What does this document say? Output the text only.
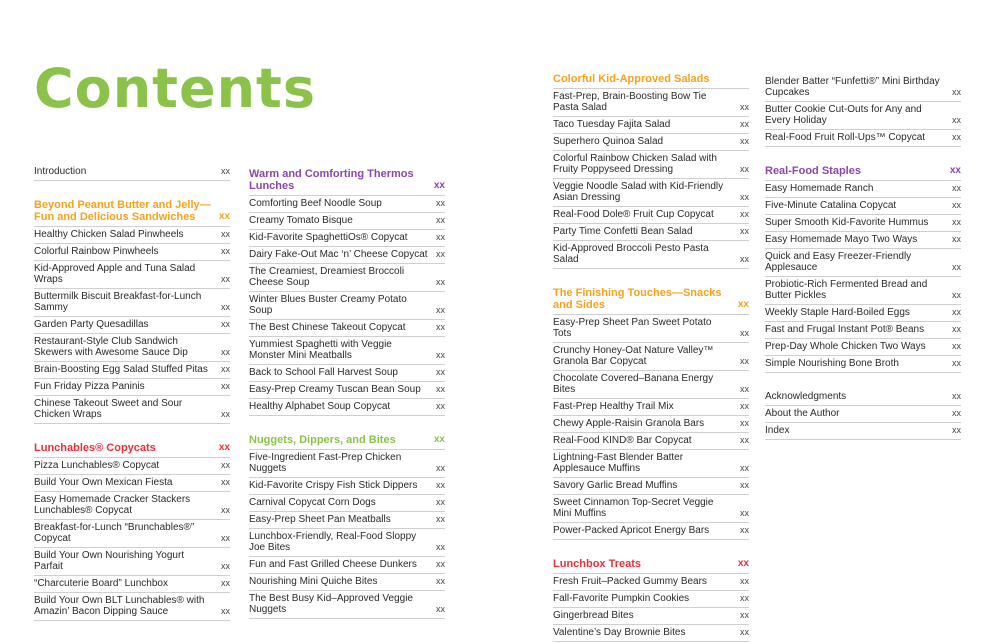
Contents
Introduction	xx
Beyond Peanut Butter and Jelly—Fun and Delicious Sandwiches	xx
Healthy Chicken Salad Pinwheels	xx
Colorful Rainbow Pinwheels	xx
Kid-Approved Apple and Tuna Salad Wraps	xx
Buttermilk Biscuit Breakfast-for-Lunch Sammy	xx
Garden Party Quesadillas	xx
Restaurant-Style Club Sandwich Skewers with Awesome Sauce Dip	xx
Brain-Boosting Egg Salad Stuffed Pitas	xx
Fun Friday Pizza Paninis	xx
Chinese Takeout Sweet and Sour Chicken Wraps	xx
Lunchables® Copycats	xx
Pizza Lunchables® Copycat	xx
Build Your Own Mexican Fiesta	xx
Easy Homemade Cracker Stackers Lunchables® Copycat	xx
Breakfast-for-Lunch “Brunchables®” Copycat	xx
Build Your Own Nourishing Yogurt Parfait	xx
“Charcuterie Board” Lunchbox	xx
Build Your Own BLT Lunchables® with Amazin’ Bacon Dipping Sauce	xx
Warm and Comforting Thermos Lunches	xx
Comforting Beef Noodle Soup	xx
Creamy Tomato Bisque	xx
Kid-Favorite SpaghettiOs® Copycat	xx
Dairy Fake-Out Mac ‘n’ Cheese Copycat xx
The Creamiest, Dreamiest Broccoli Cheese Soup	xx
Winter Blues Buster Creamy Potato Soup	xx
The Best Chinese Takeout Copycat	xx
Yummiest Spaghetti with Veggie Monster Mini Meatballs	xx
Back to School Fall Harvest Soup	xx
Easy-Prep Creamy Tuscan Bean Soup	xx
Healthy Alphabet Soup Copycat	xx
Nuggets, Dippers, and Bites	xx
Five-Ingredient Fast-Prep Chicken Nuggets	xx
Kid-Favorite Crispy Fish Stick Dippers	xx
Carnival Copycat Corn Dogs	xx
Easy-Prep Sheet Pan Meatballs	xx
Lunchbox-Friendly, Real-Food Sloppy Joe Bites	xx
Fun and Fast Grilled Cheese Dunkers	xx
Nourishing Mini Quiche Bites	xx
The Best Busy Kid–Approved Veggie Nuggets	xx
Colorful Kid-Approved Salads
Fast-Prep, Brain-Boosting Bow Tie Pasta Salad	xx
Taco Tuesday Fajita Salad	xx
Superhero Quinoa Salad	xx
Colorful Rainbow Chicken Salad with Fruity Poppyseed Dressing	xx
Veggie Noodle Salad with Kid-Friendly Asian Dressing	xx
Real-Food Dole® Fruit Cup Copycat	xx
Party Time Confetti Bean Salad	xx
Kid-Approved Broccoli Pesto Pasta Salad	xx
The Finishing Touches—Snacks and Sides	xx
Easy-Prep Sheet Pan Sweet Potato Tots	xx
Crunchy Honey-Oat Nature Valley™ Granola Bar Copycat	xx
Chocolate Covered–Banana Energy Bites	xx
Fast-Prep Healthy Trail Mix	xx
Chewy Apple-Raisin Granola Bars	xx
Real-Food KIND® Bar Copycat	xx
Lightning-Fast Blender Batter Applesauce Muffins	xx
Savory Garlic Bread Muffins	xx
Sweet Cinnamon Top-Secret Veggie Mini Muffins	xx
Power-Packed Apricot Energy Bars	xx
Lunchbox Treats	xx
Fresh Fruit–Packed Gummy Bears	xx
Fall-Favorite Pumpkin Cookies	xx
Gingerbread Bites	xx
Valentine’s Day Brownie Bites	xx
Blender Batter “Funfetti®” Mini Birthday Cupcakes	xx
Butter Cookie Cut-Outs for Any and Every Holiday	xx
Real-Food Fruit Roll-Ups™ Copycat	xx
Real-Food Staples	xx
Easy Homemade Ranch	xx
Five-Minute Catalina Copycat	xx
Super Smooth Kid-Favorite Hummus	xx
Easy Homemade Mayo Two Ways	xx
Quick and Easy Freezer-Friendly Applesauce	xx
Probiotic-Rich Fermented Bread and Butter Pickles	xx
Weekly Staple Hard-Boiled Eggs	xx
Fast and Frugal Instant Pot® Beans	xx
Prep-Day Whole Chicken Two Ways	xx
Simple Nourishing Bone Broth	xx
Acknowledgments	xx
About the Author	xx
Index	xx
